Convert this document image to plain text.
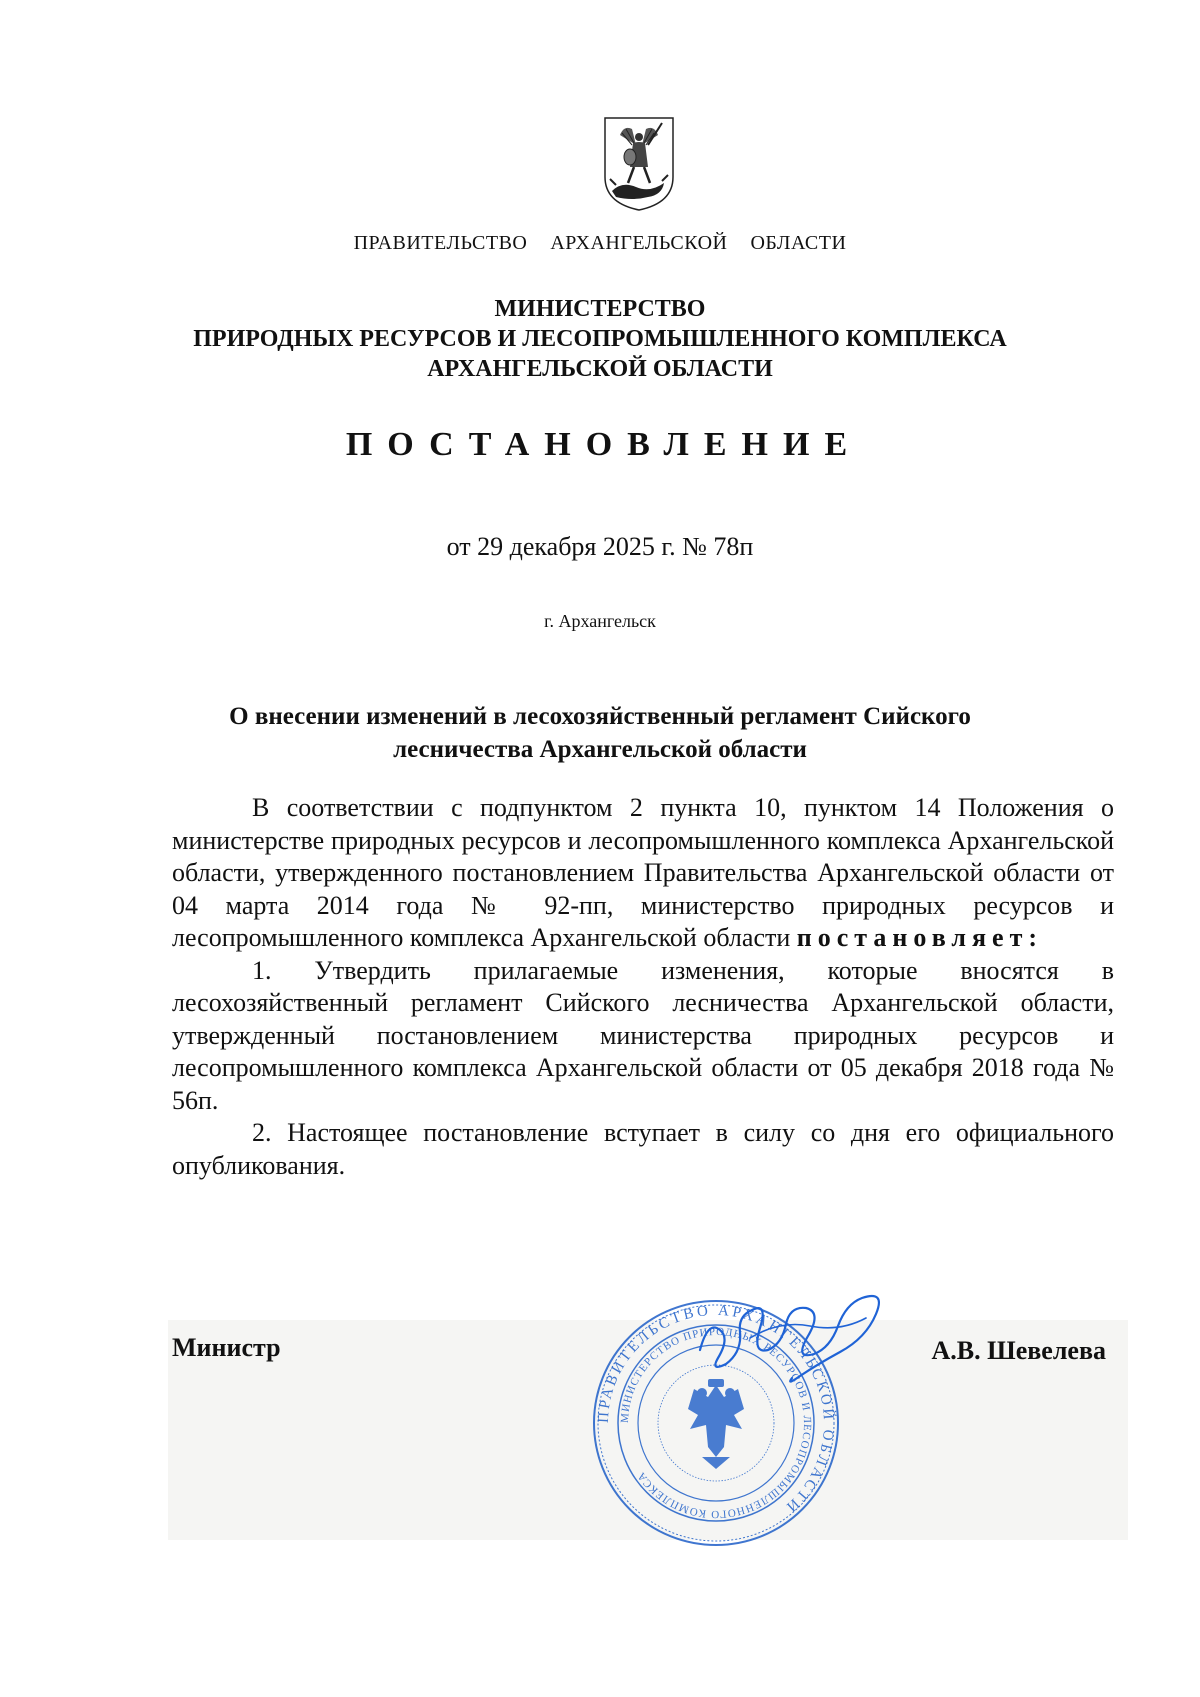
ПРАВИТЕЛЬСТВО  АРХАНГЕЛЬСКОЙ  ОБЛАСТИ
МИНИСТЕРСТВО
ПРИРОДНЫХ РЕСУРСОВ И ЛЕСОПРОМЫШЛЕННОГО КОМПЛЕКСА
АРХАНГЕЛЬСКОЙ ОБЛАСТИ
ПОСТАНОВЛЕНИЕ
от 29 декабря 2025 г. № 78п
г. Архангельск
О внесении изменений в лесохозяйственный регламент Сийского
лесничества Архангельской области

В соответствии с подпунктом 2 пункта 10, пунктом 14 Положения о министерстве природных ресурсов и лесопромышленного комплекса Архангельской области, утвержденного постановлением Правительства Архангельской области от 04 марта 2014 года № 92-пп, министерство природных ресурсов и лесопромышленного комплекса Архангельской области постановляет:

1. Утвердить прилагаемые изменения, которые вносятся в лесохозяйственный регламент Сийского лесничества Архангельской области, утвержденный постановлением министерства природных ресурсов и лесопромышленного комплекса Архангельской области от 05 декабря 2018 года № 56п.

2. Настоящее постановление вступает в силу со дня его официального опубликования.

Министр	А.В. Шевелева
ПРАВИТЕЛЬСТВО АРХАНГЕЛЬСКОЙ ОБЛАСТИ
МИНИСТЕРСТВО ПРИРОДНЫХ РЕСУРСОВ И ЛЕСОПРОМЫШЛЕННОГО КОМПЛЕКСА
